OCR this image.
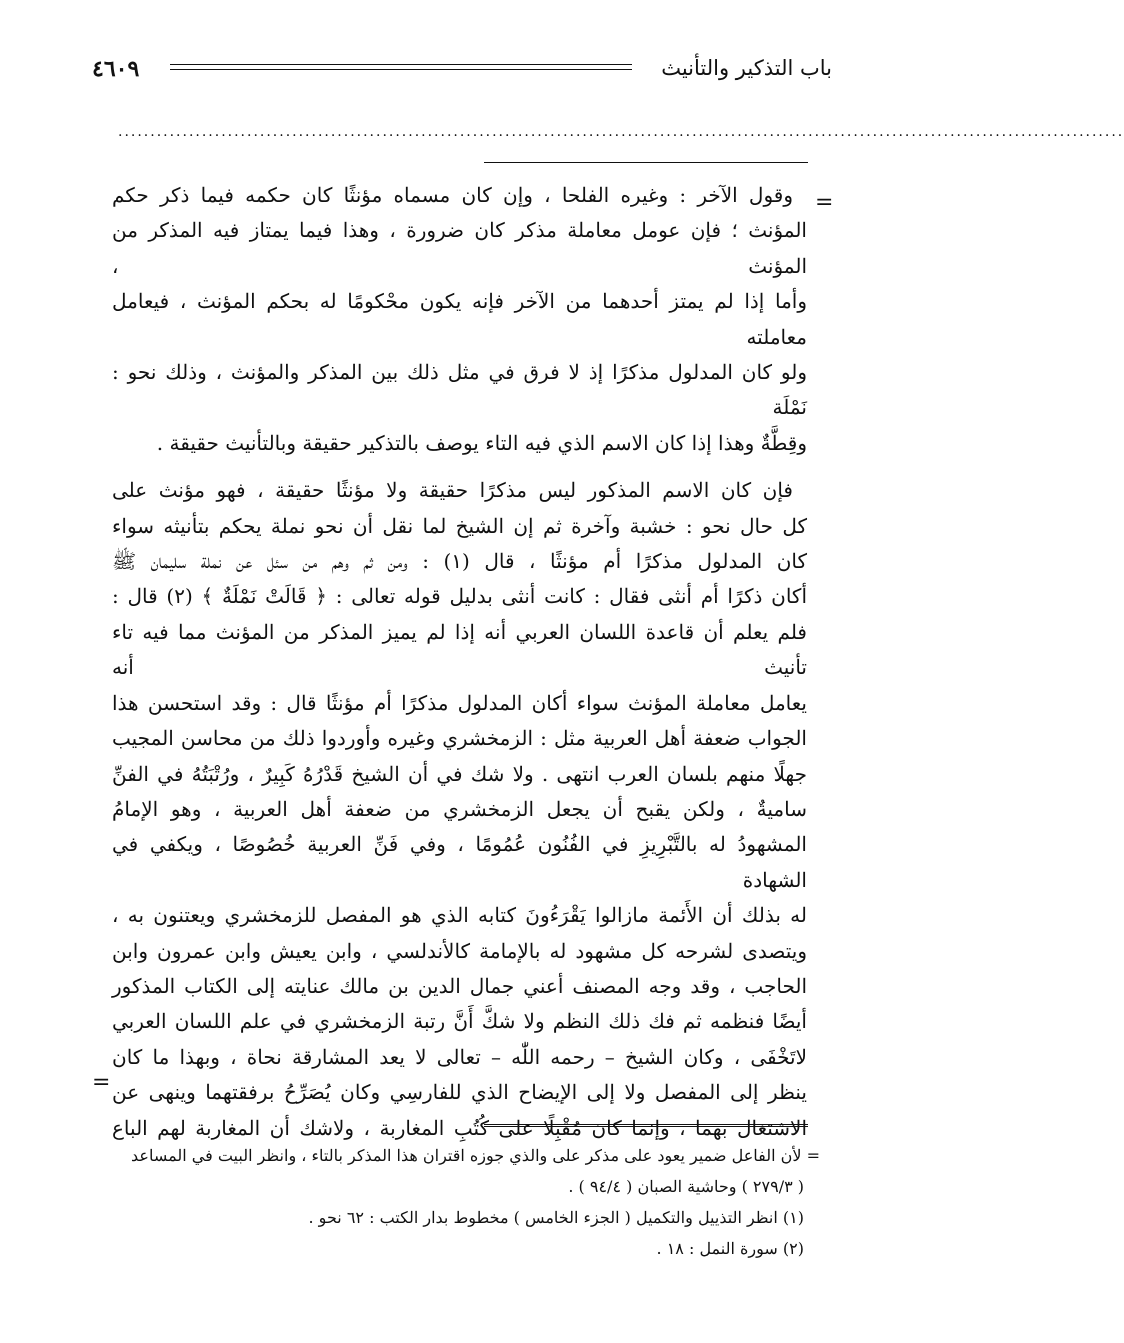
باب التذكير والتأنيث
٤٦٠٩
............................................................................................................................................................
=

وقول الآخر : وغيره الفلحا ، وإن كان مسماه مؤنثًا كان حكمه فيما ذكر حكم

المؤنث ؛ فإن عومل معاملة مذكر كان ضرورة ، وهذا فيما يمتاز فيه المذكر من المؤنث ،

وأما إذا لم يمتز أحدهما من الآخر فإنه يكون محْكومًا له بحكم المؤنث ، فيعامل معاملته

ولو كان المدلول مذكرًا إذ لا فرق في مثل ذلك بين المذكر والمؤنث ، وذلك نحو : نَمْلَة

وقِطَّةٌ وهذا إذا كان الاسم الذي فيه التاء يوصف بالتذكير حقيقة وبالتأنيث حقيقة .

فإن كان الاسم المذكور ليس مذكرًا حقيقة ولا مؤنثًا حقيقة ، فهو مؤنث على

كل حال نحو : خشبة وآخرة ثم إن الشيخ لما نقل أن نحو نملة يحكم بتأنيثه سواء

كان المدلول مذكرًا أم مؤنثًا ، قال (١) : ومن ثم وهم من سئل عن نملة سليمان ﷺ

أكان ذكرًا أم أنثى فقال : كانت أنثى بدليل قوله تعالى : ﴿ قَالَتْ نَمْلَةٌ ﴾ (٢) قال :

فلم يعلم أن قاعدة اللسان العربي أنه إذا لم يميز المذكر من المؤنث مما فيه تاء تأنيث أنه

يعامل معاملة المؤنث سواء أكان المدلول مذكرًا أم مؤنثًا قال : وقد استحسن هذا

الجواب ضعفة أهل العربية مثل : الزمخشري وغيره وأوردوا ذلك من محاسن المجيب

جهلًا منهم بلسان العرب انتهى . ولا شك في أن الشيخ قَدْرُهُ كَبِيرٌ ، ورُتْبَتُهُ في الفنِّ

ساميةٌ ، ولكن يقبح أن يجعل الزمخشري من ضعفة أهل العربية ، وهو الإمامُ

المشهودُ له بالتَّبْرِيزِ في الفُنُون عُمُومًا ، وفي فَنِّ العربية خُصُوصًا ، ويكفي في الشهادة

له بذلك أن الأَئمة مازالوا يَقْرَءُونَ كتابه الذي هو المفصل للزمخشري ويعتنون به ،

ويتصدى لشرحه كل مشهود له بالإمامة كالأندلسي ، وابن يعيش وابن عمرون وابن

الحاجب ، وقد وجه المصنف أعني جمال الدين بن مالك عنايته إلى الكتاب المذكور

أيضًا فنظمه ثم فك ذلك النظم ولا شكَّ أَنَّ رتبة الزمخشري في علم اللسان العربي

لاتَخْفَى ، وكان الشيخ – رحمه اللّٰه – تعالى لا يعد المشارقة نحاة ، وبهذا ما كان

ينظر إلى المفصل ولا إلى الإيضاح الذي للفارسِي وكان يُصَرِّحُ برفقتهما وينهى عن

الاشتغال بهما ، وإنما كان مُقْبِلًا على كُتُبِ المغاربة ، ولاشك أن المغاربة لهم الباع

=

= لأن الفاعل ضمير يعود على مذكر على والذي جوزه اقتران هذا المذكر بالتاء ، وانظر البيت في المساعد

( ٢٧٩/٣ ) وحاشية الصبان ( ٩٤/٤ ) .

(١) انظر التذييل والتكميل ( الجزء الخامس ) مخطوط بدار الكتب : ٦٢ نحو .

(٢) سورة النمل : ١٨ .
